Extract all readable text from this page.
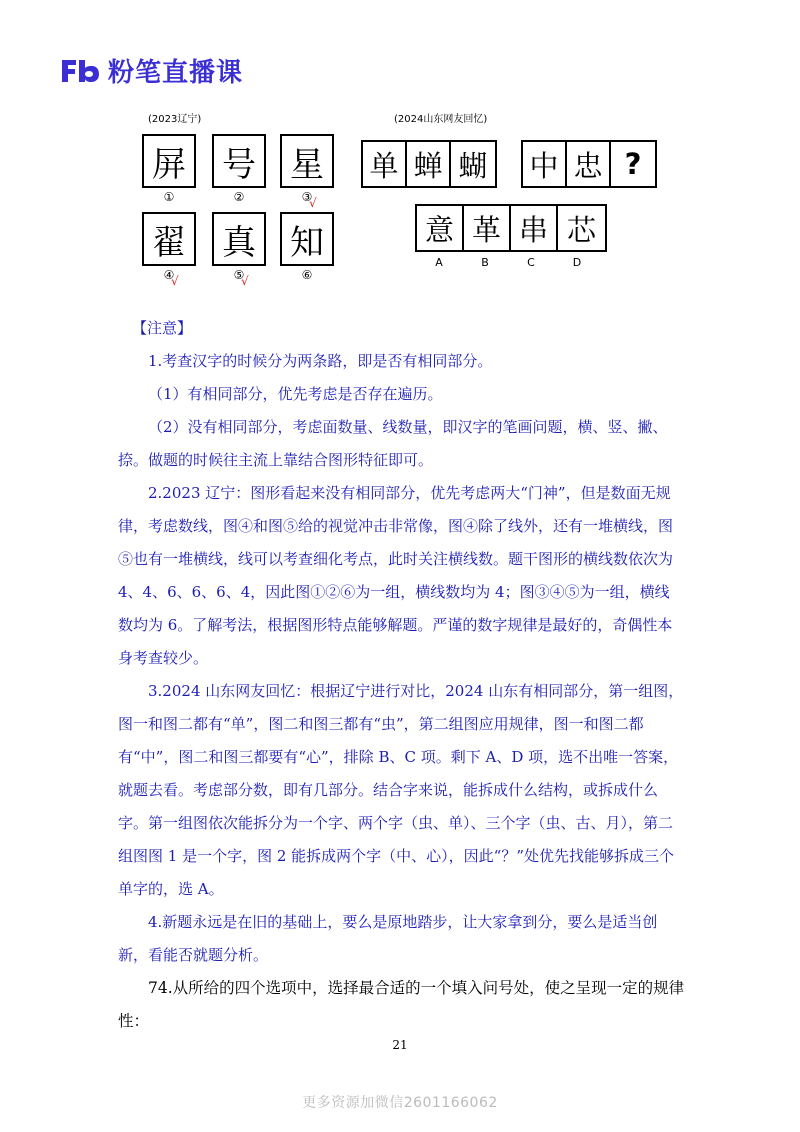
粉笔直播课
(2023辽宁)	(2024山东网友回忆)
屏
①
号
②
星
③
√
翟
④
√
真
⑤
√
知
⑥
单 蝉 蝴 中 忠 ?
意 革 串 芯
A	B	C	D

【注意】

1.考查汉字的时候分为两条路，即是否有相同部分。

（1）有相同部分，优先考虑是否存在遍历。

（2）没有相同部分，考虑面数量、线数量，即汉字的笔画问题，横、竖、撇、捺。做题的时候往主流上靠结合图形特征即可。

2.2023 辽宁：图形看起来没有相同部分，优先考虑两大“门神”，但是数面无规律，考虑数线，图④和图⑤给的视觉冲击非常像，图④除了线外，还有一堆横线，图⑤也有一堆横线，线可以考查细化考点，此时关注横线数。题干图形的横线数依次为 4、4、6、6、6、4，因此图①②⑥为一组，横线数均为 4；图③④⑤为一组，横线数均为 6。了解考法，根据图形特点能够解题。严谨的数字规律是最好的，奇偶性本身考查较少。

3.2024 山东网友回忆：根据辽宁进行对比，2024 山东有相同部分，第一组图，图一和图二都有“单”，图二和图三都有“虫”，第二组图应用规律，图一和图二都有“中”，图二和图三都要有“心”，排除 B、C 项。剩下 A、D 项，选不出唯一答案，就题去看。考虑部分数，即有几部分。结合字来说，能拆成什么结构，或拆成什么字。第一组图依次能拆分为一个字、两个字（虫、单）、三个字（虫、古、月），第二组图图 1 是一个字，图 2 能拆成两个字（中、心），因此“？”处优先找能够拆成三个单字的，选 A。

4.新题永远是在旧的基础上，要么是原地踏步，让大家拿到分，要么是适当创新，看能否就题分析。

74.从所给的四个选项中，选择最合适的一个填入问号处，使之呈现一定的规律性：

21
更多资源加微信2601166062
